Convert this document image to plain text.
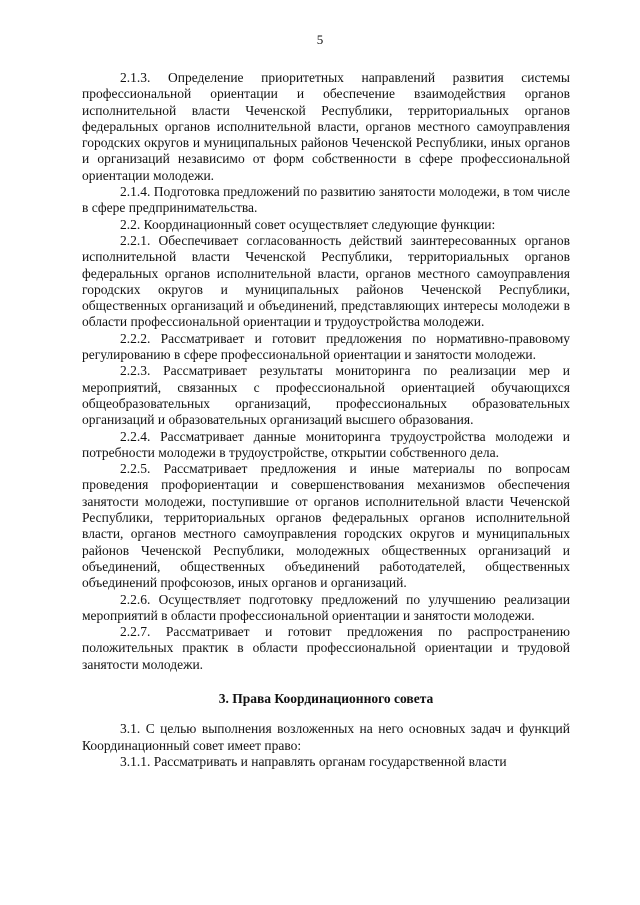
5

2.1.3. Определение приоритетных направлений развития системы профессиональной ориентации и обеспечение взаимодействия органов исполнительной власти Чеченской Республики, территориальных органов федеральных органов исполнительной власти, органов местного самоуправления городских округов и муниципальных районов Чеченской Республики, иных органов и организаций независимо от форм собственности в сфере профессиональной ориентации молодежи.

2.1.4. Подготовка предложений по развитию занятости молодежи, в том числе в сфере предпринимательства.

2.2. Координационный совет осуществляет следующие функции:

2.2.1. Обеспечивает согласованность действий заинтересованных органов исполнительной власти Чеченской Республики, территориальных органов федеральных органов исполнительной власти, органов местного самоуправления городских округов и муниципальных районов Чеченской Республики, общественных организаций и объединений, представляющих интересы молодежи в области профессиональной ориентации и трудоустройства молодежи.

2.2.2. Рассматривает и готовит предложения по нормативно-правовому регулированию в сфере профессиональной ориентации и занятости молодежи.

2.2.3. Рассматривает результаты мониторинга по реализации мер и мероприятий, связанных с профессиональной ориентацией обучающихся общеобразовательных организаций, профессиональных образовательных организаций и образовательных организаций высшего образования.

2.2.4. Рассматривает данные мониторинга трудоустройства молодежи и потребности молодежи в трудоустройстве, открытии собственного дела.

2.2.5. Рассматривает предложения и иные материалы по вопросам проведения профориентации и совершенствования механизмов обеспечения занятости молодежи, поступившие от органов исполнительной власти Чеченской Республики, территориальных органов федеральных органов исполнительной власти, органов местного самоуправления городских округов и муниципальных районов Чеченской Республики, молодежных общественных организаций и объединений, общественных объединений работодателей, общественных объединений профсоюзов, иных органов и организаций.

2.2.6. Осуществляет подготовку предложений по улучшению реализации мероприятий в области профессиональной ориентации и занятости молодежи.

2.2.7. Рассматривает и готовит предложения по распространению положительных практик в области профессиональной ориентации и трудовой занятости молодежи.

3. Права Координационного совета

3.1. С целью выполнения возложенных на него основных задач и функций Координационный совет имеет право:

3.1.1. Рассматривать и направлять органам государственной власти
